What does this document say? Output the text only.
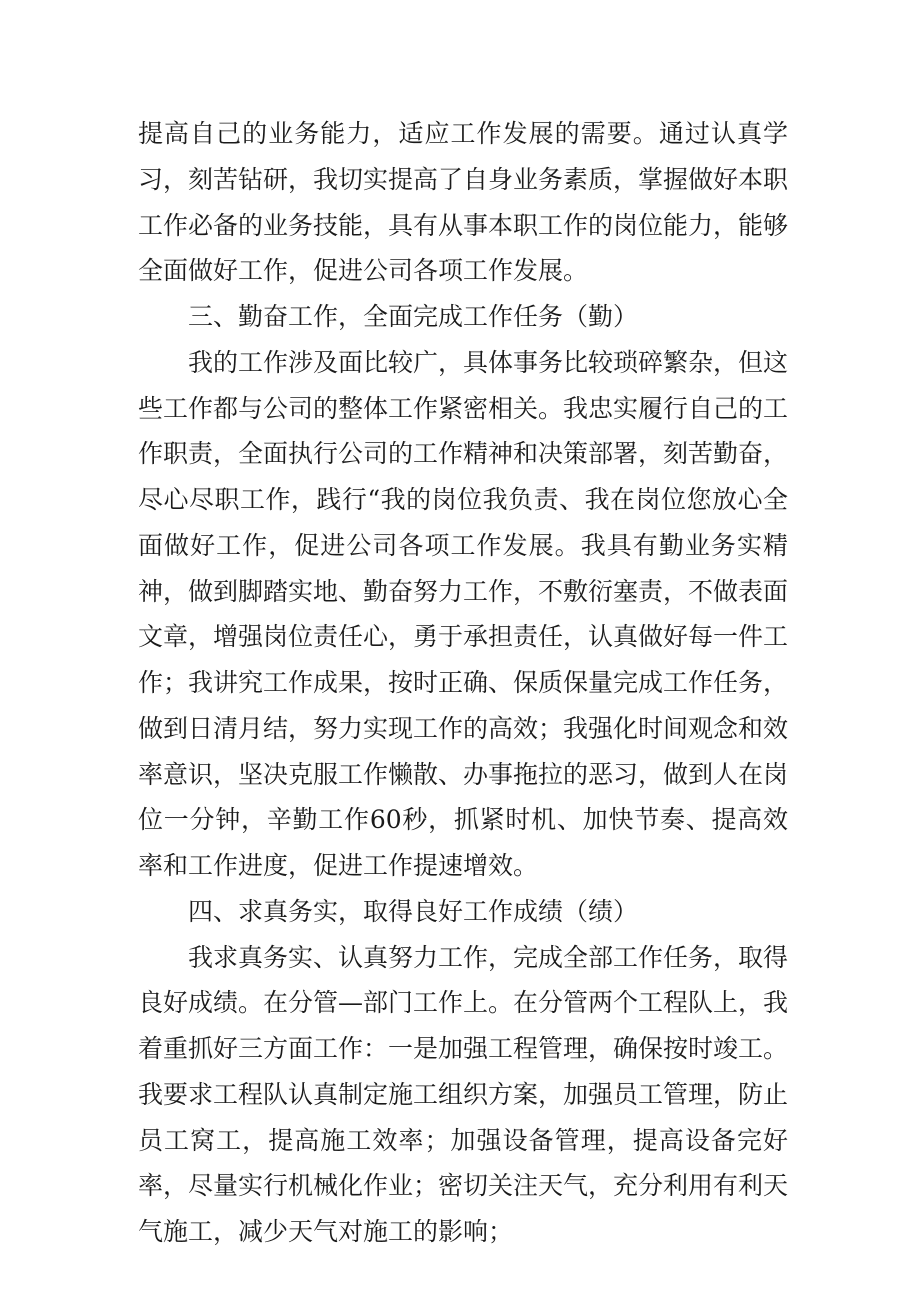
提高自己的业务能力，适应工作发展的需要。通过认真学习，刻苦钻研，我切实提高了自身业务素质，掌握做好本职工作必备的业务技能，具有从事本职工作的岗位能力，能够全面做好工作，促进公司各项工作发展。

三、勤奋工作，全面完成工作任务（勤）

我的工作涉及面比较广，具体事务比较琐碎繁杂，但这些工作都与公司的整体工作紧密相关。我忠实履行自己的工作职责，全面执行公司的工作精神和决策部署，刻苦勤奋，尽心尽职工作，践行“我的岗位我负责、我在岗位您放心全面做好工作，促进公司各项工作发展。我具有勤业务实精神，做到脚踏实地、勤奋努力工作，不敷衍塞责，不做表面文章，增强岗位责任心，勇于承担责任，认真做好每一件工作；我讲究工作成果，按时正确、保质保量完成工作任务，做到日清月结，努力实现工作的高效；我强化时间观念和效率意识，坚决克服工作懒散、办事拖拉的恶习，做到人在岗位一分钟，辛勤工作60秒，抓紧时机、加快节奏、提高效率和工作进度，促进工作提速增效。

四、求真务实，取得良好工作成绩（绩）

我求真务实、认真努力工作，完成全部工作任务，取得良好成绩。在分管—部门工作上。在分管两个工程队上，我着重抓好三方面工作：一是加强工程管理，确保按时竣工。我要求工程队认真制定施工组织方案，加强员工管理，防止员工窝工，提高施工效率；加强设备管理，提高设备完好率，尽量实行机械化作业；密切关注天气，充分利用有利天气施工，减少天气对施工的影响；
